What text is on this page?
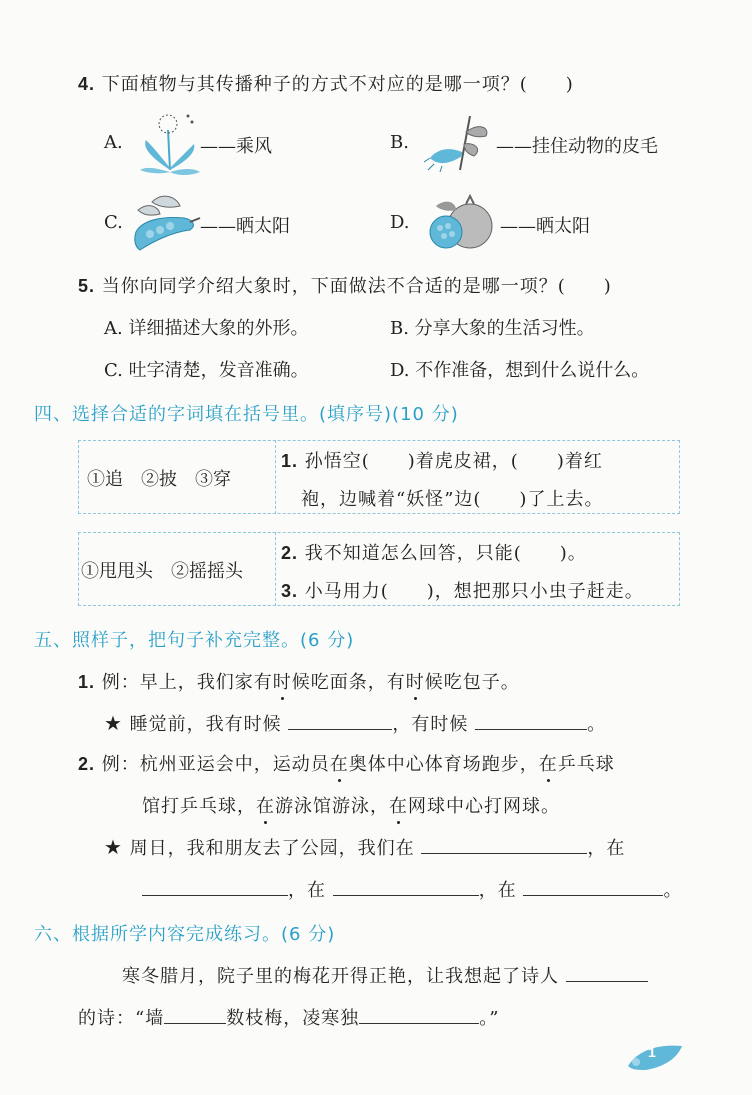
4. 下面植物与其传播种子的方式不对应的是哪一项？(　　)
A.	——乘风	B.	——挂住动物的皮毛
C.	——晒太阳	D.	——晒太阳
5. 当你向同学介绍大象时，下面做法不合适的是哪一项？(　　)
A. 详细描述大象的外形。	B. 分享大象的生活习性。
C. 吐字清楚，发音准确。	D. 不作准备，想到什么说什么。
四、选择合适的字词填在括号里。(填序号)(10 分)
①追　②披　③穿
1. 孙悟空(　　)着虎皮裙，(　　)着红
袍，边喊着“妖怪”边(　　)了上去。
①甩甩头　②摇摇头
2. 我不知道怎么回答，只能(　　)。
3. 小马用力(　　)，想把那只小虫子赶走。
五、照样子，把句子补充完整。(6 分)
1. 例：早上，我们家有时候吃面条，有时候吃包子。
★ 睡觉前，我有时候	，有时候	。
2. 例：杭州亚运会中，运动员在奥体中心体育场跑步，在乒乓球
馆打乒乓球，在游泳馆游泳，在网球中心打网球。
★ 周日，我和朋友去了公园，我们在	，在
，在	，在	。
六、根据所学内容完成练习。(6 分)
寒冬腊月，院子里的梅花开得正艳，让我想起了诗人
的诗：“墙	数枝梅，凌寒独	。”
1
